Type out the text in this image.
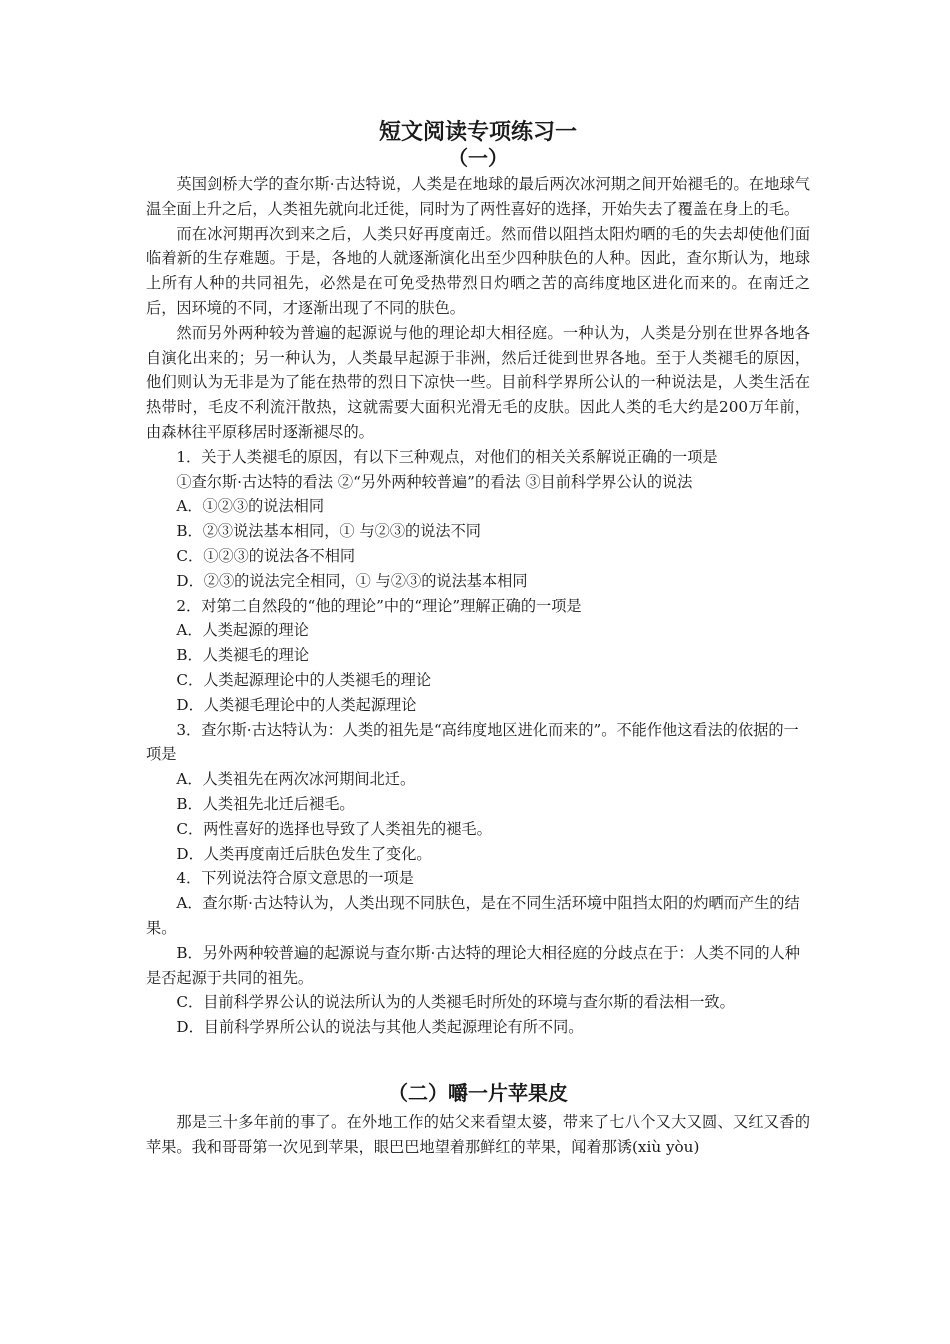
短文阅读专项练习一
（一）

英国剑桥大学的查尔斯·古达特说，人类是在地球的最后两次冰河期之间开始褪毛的。在地球气温全面上升之后，人类祖先就向北迁徙，同时为了两性喜好的选择，开始失去了覆盖在身上的毛。

而在冰河期再次到来之后，人类只好再度南迁。然而借以阻挡太阳灼晒的毛的失去却使他们面临着新的生存难题。于是，各地的人就逐渐演化出至少四种肤色的人种。因此，查尔斯认为，地球上所有人种的共同祖先，必然是在可免受热带烈日灼晒之苦的高纬度地区进化而来的。在南迁之后，因环境的不同，才逐渐出现了不同的肤色。

然而另外两种较为普遍的起源说与他的理论却大相径庭。一种认为，人类是分别在世界各地各自演化出来的；另一种认为，人类最早起源于非洲，然后迁徙到世界各地。至于人类褪毛的原因，他们则认为无非是为了能在热带的烈日下凉快一些。目前科学界所公认的一种说法是，人类生活在热带时，毛皮不利流汗散热，这就需要大面积光滑无毛的皮肤。因此人类的毛大约是200万年前，由森林往平原移居时逐渐褪尽的。

1．关于人类褪毛的原因，有以下三种观点，对他们的相关关系解说正确的一项是

①查尔斯·古达特的看法 ②“另外两种较普遍”的看法 ③目前科学界公认的说法

A．①②③的说法相同

B．②③说法基本相同，① 与②③的说法不同

C．①②③的说法各不相同

D．②③的说法完全相同，① 与②③的说法基本相同

2．对第二自然段的“他的理论”中的“理论”理解正确的一项是

A．人类起源的理论

B．人类褪毛的理论

C．人类起源理论中的人类褪毛的理论

D．人类褪毛理论中的人类起源理论

3．查尔斯·古达特认为：人类的祖先是“高纬度地区进化而来的”。不能作他这看法的依据的一项是

A．人类祖先在两次冰河期间北迁。

B．人类祖先北迁后褪毛。

C．两性喜好的选择也导致了人类祖先的褪毛。

D．人类再度南迁后肤色发生了变化。

4．下列说法符合原文意思的一项是

A．查尔斯·古达特认为，人类出现不同肤色，是在不同生活环境中阻挡太阳的灼晒而产生的结果。

B．另外两种较普遍的起源说与查尔斯·古达特的理论大相径庭的分歧点在于：人类不同的人种是否起源于共同的祖先。

C．目前科学界公认的说法所认为的人类褪毛时所处的环境与查尔斯的看法相一致。

D．目前科学界所公认的说法与其他人类起源理论有所不同。

（二）嚼一片苹果皮

那是三十多年前的事了。在外地工作的姑父来看望太婆，带来了七八个又大又圆、又红又香的苹果。我和哥哥第一次见到苹果，眼巴巴地望着那鲜红的苹果，闻着那诱(xiù yòu)
